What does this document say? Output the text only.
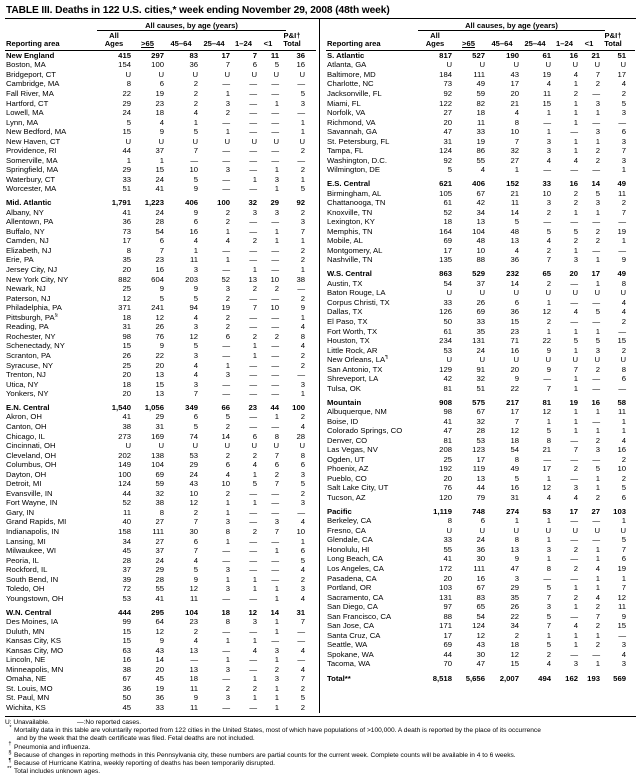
TABLE III. Deaths in 122 U.S. cities,* week ending November 29, 2008 (48th week)
All causes, by age (years)
Reporting area
All
Ages
	>65
	45–64
	25–44
	1–24
	<1
P&I†
Total
New England	415	297	83	17	7	11	36
Boston, MA	154	100	36	7	6	5	16
Bridgeport, CT	U	U	U	U	U	U	U
Cambridge, MA	8	6	2	—	—	—	—
Fall River, MA	22	19	2	1	—	—	5
Hartford, CT	29	23	2	3	—	1	3
Lowell, MA	24	18	4	2	—	—	—
Lynn, MA	5	4	1	—	—	—	1
New Bedford, MA	15	9	5	1	—	—	1
New Haven, CT	U	U	U	U	U	U	U
Providence, RI	44	37	7	—	—	—	2
Somerville, MA	1	1	—	—	—	—	—
Springfield, MA	29	15	10	3	—	1	2
Waterbury, CT	33	24	5	—	1	3	1
Worcester, MA	51	41	9	—	—	1	5
Mid. Atlantic	1,791	1,223	406	100	32	29	92
Albany, NY	41	24	9	2	3	3	2
Allentown, PA	36	28	6	2	—	—	3
Buffalo, NY	73	54	16	1	—	1	7
Camden, NJ	17	6	4	4	2	1	1
Elizabeth, NJ	8	7	1	—	—	—	2
Erie, PA	35	23	11	1	—	—	2
Jersey City, NJ	20	16	3	—	1	—	1
New York City, NY	882	604	203	52	13	10	38
Newark, NJ	25	9	9	3	2	2	—
Paterson, NJ	12	5	5	2	—	—	2
Philadelphia, PA	371	241	94	19	7	10	9
Pittsburgh, PA§	18	12	4	2	—	—	1
Reading, PA	31	26	3	2	—	—	4
Rochester, NY	98	76	12	6	2	2	8
Schenectady, NY	15	9	5	—	1	—	4
Scranton, PA	26	22	3	—	1	—	2
Syracuse, NY	25	20	4	1	—	—	2
Trenton, NJ	20	13	4	3	—	—	—
Utica, NY	18	15	3	—	—	—	3
Yonkers, NY	20	13	7	—	—	—	1
E.N. Central	1,540	1,056	349	66	23	44	100
Akron, OH	41	29	6	5	—	1	2
Canton, OH	38	31	5	2	—	—	4
Chicago, IL	273	169	74	14	6	8	28
Cincinnati, OH	U	U	U	U	U	U	U
Cleveland, OH	202	138	53	2	2	7	8
Columbus, OH	149	104	29	6	4	6	6
Dayton, OH	100	69	24	4	1	2	3
Detroit, MI	124	59	43	10	5	7	5
Evansville, IN	44	32	10	2	—	—	2
Fort Wayne, IN	52	38	12	1	1	—	3
Gary, IN	11	8	2	1	—	—	—
Grand Rapids, MI	40	27	7	3	—	3	4
Indianapolis, IN	158	111	30	8	2	7	10
Lansing, MI	34	27	6	1	—	—	1
Milwaukee, WI	45	37	7	—	—	1	6
Peoria, IL	28	24	4	—	—	—	5
Rockford, IL	37	29	5	3	—	—	4
South Bend, IN	39	28	9	1	1	—	2
Toledo, OH	72	55	12	3	1	1	3
Youngstown, OH	53	41	11	—	—	1	4
W.N. Central	444	295	104	18	12	14	31
Des Moines, IA	99	64	23	8	3	1	7
Duluth, MN	15	12	2	—	—	1	—
Kansas City, KS	15	9	4	1	1	—	—
Kansas City, MO	63	43	13	—	4	3	4
Lincoln, NE	16	14	—	1	—	1	—
Minneapolis, MN	38	20	13	3	—	2	4
Omaha, NE	67	45	18	—	1	3	7
St. Louis, MO	36	19	11	2	2	1	2
St. Paul, MN	50	36	9	3	1	1	5
Wichita, KS	45	33	11	—	—	1	2
All causes, by age (years)
Reporting area
All
Ages
	>65
	45–64
	25–44
	1–24
	<1
P&I†
Total
S. Atlantic	817	527	190	61	16	21	51
Atlanta, GA	U	U	U	U	U	U	U
Baltimore, MD	184	111	43	19	4	7	17
Charlotte, NC	73	49	17	4	1	2	4
Jacksonville, FL	92	59	20	11	2	—	2
Miami, FL	122	82	21	15	1	3	5
Norfolk, VA	27	18	4	1	1	1	3
Richmond, VA	20	11	8	—	1	—	—
Savannah, GA	47	33	10	1	—	3	6
St. Petersburg, FL	31	19	7	3	1	1	3
Tampa, FL	124	86	32	3	1	2	7
Washington, D.C.	92	55	27	4	4	2	3
Wilmington, DE	5	4	1	—	—	—	1
E.S. Central	621	406	152	33	16	14	49
Birmingham, AL	105	67	21	10	2	5	11
Chattanooga, TN	61	42	11	3	2	3	2
Knoxville, TN	52	34	14	2	1	1	7
Lexington, KY	18	13	5	—	—	—	—
Memphis, TN	164	104	48	5	5	2	19
Mobile, AL	69	48	13	4	2	2	1
Montgomery, AL	17	10	4	2	1	—	—
Nashville, TN	135	88	36	7	3	1	9
W.S. Central	863	529	232	65	20	17	49
Austin, TX	54	37	14	2	—	1	8
Baton Rouge, LA	U	U	U	U	U	U	U
Corpus Christi, TX	33	26	6	1	—	—	4
Dallas, TX	126	69	36	12	4	5	4
El Paso, TX	50	33	15	2	—	—	2
Fort Worth, TX	61	35	23	1	1	1	—
Houston, TX	234	131	71	22	5	5	15
Little Rock, AR	53	24	16	9	1	3	2
New Orleans, LA¶	U	U	U	U	U	U	U
San Antonio, TX	129	91	20	9	7	2	8
Shreveport, LA	42	32	9	—	1	—	6
Tulsa, OK	81	51	22	7	1	—	—
Mountain	908	575	217	81	19	16	58
Albuquerque, NM	98	67	17	12	1	1	11
Boise, ID	41	32	7	1	1	—	1
Colorado Springs, CO	47	28	12	5	1	1	1
Denver, CO	81	53	18	8	—	2	4
Las Vegas, NV	208	123	54	21	7	3	16
Ogden, UT	25	17	8	—	—	—	2
Phoenix, AZ	192	119	49	17	2	5	10
Pueblo, CO	20	13	5	1	—	1	2
Salt Lake City, UT	76	44	16	12	3	1	5
Tucson, AZ	120	79	31	4	4	2	6
Pacific	1,119	748	274	53	17	27	103
Berkeley, CA	8	6	1	1	—	—	1
Fresno, CA	U	U	U	U	U	U	U
Glendale, CA	33	24	8	1	—	—	5
Honolulu, HI	55	36	13	3	2	1	7
Long Beach, CA	41	30	9	1	—	1	6
Los Angeles, CA	172	111	47	8	2	4	19
Pasadena, CA	20	16	3	—	—	1	1
Portland, OR	103	67	29	5	1	1	7
Sacramento, CA	131	83	35	7	2	4	12
San Diego, CA	97	65	26	3	1	2	11
San Francisco, CA	88	54	22	5	—	7	9
San Jose, CA	171	124	34	7	4	2	15
Santa Cruz, CA	17	12	2	1	1	1	—
Seattle, WA	69	43	18	5	1	2	3
Spokane, WA	44	30	12	2	—	—	4
Tacoma, WA	70	47	15	4	3	1	3
Total**	8,518	5,656	2,007	494	162	193	569
U: Unavailable.	—:No reported cases.
* Mortality data in this table are voluntarily reported from 122 cities in the United States, most of which have populations of >100,000. A death is reported by the place of its occurrence
and by the week that the death certificate was filed. Fetal deaths are not included.
† Pneumonia and influenza.
§ Because of changes in reporting methods in this Pennsylvania city, these numbers are partial counts for the current week. Complete counts will be available in 4 to 6 weeks.
¶ Because of Hurricane Katrina, weekly reporting of deaths has been temporarily disrupted.
** Total includes unknown ages.
